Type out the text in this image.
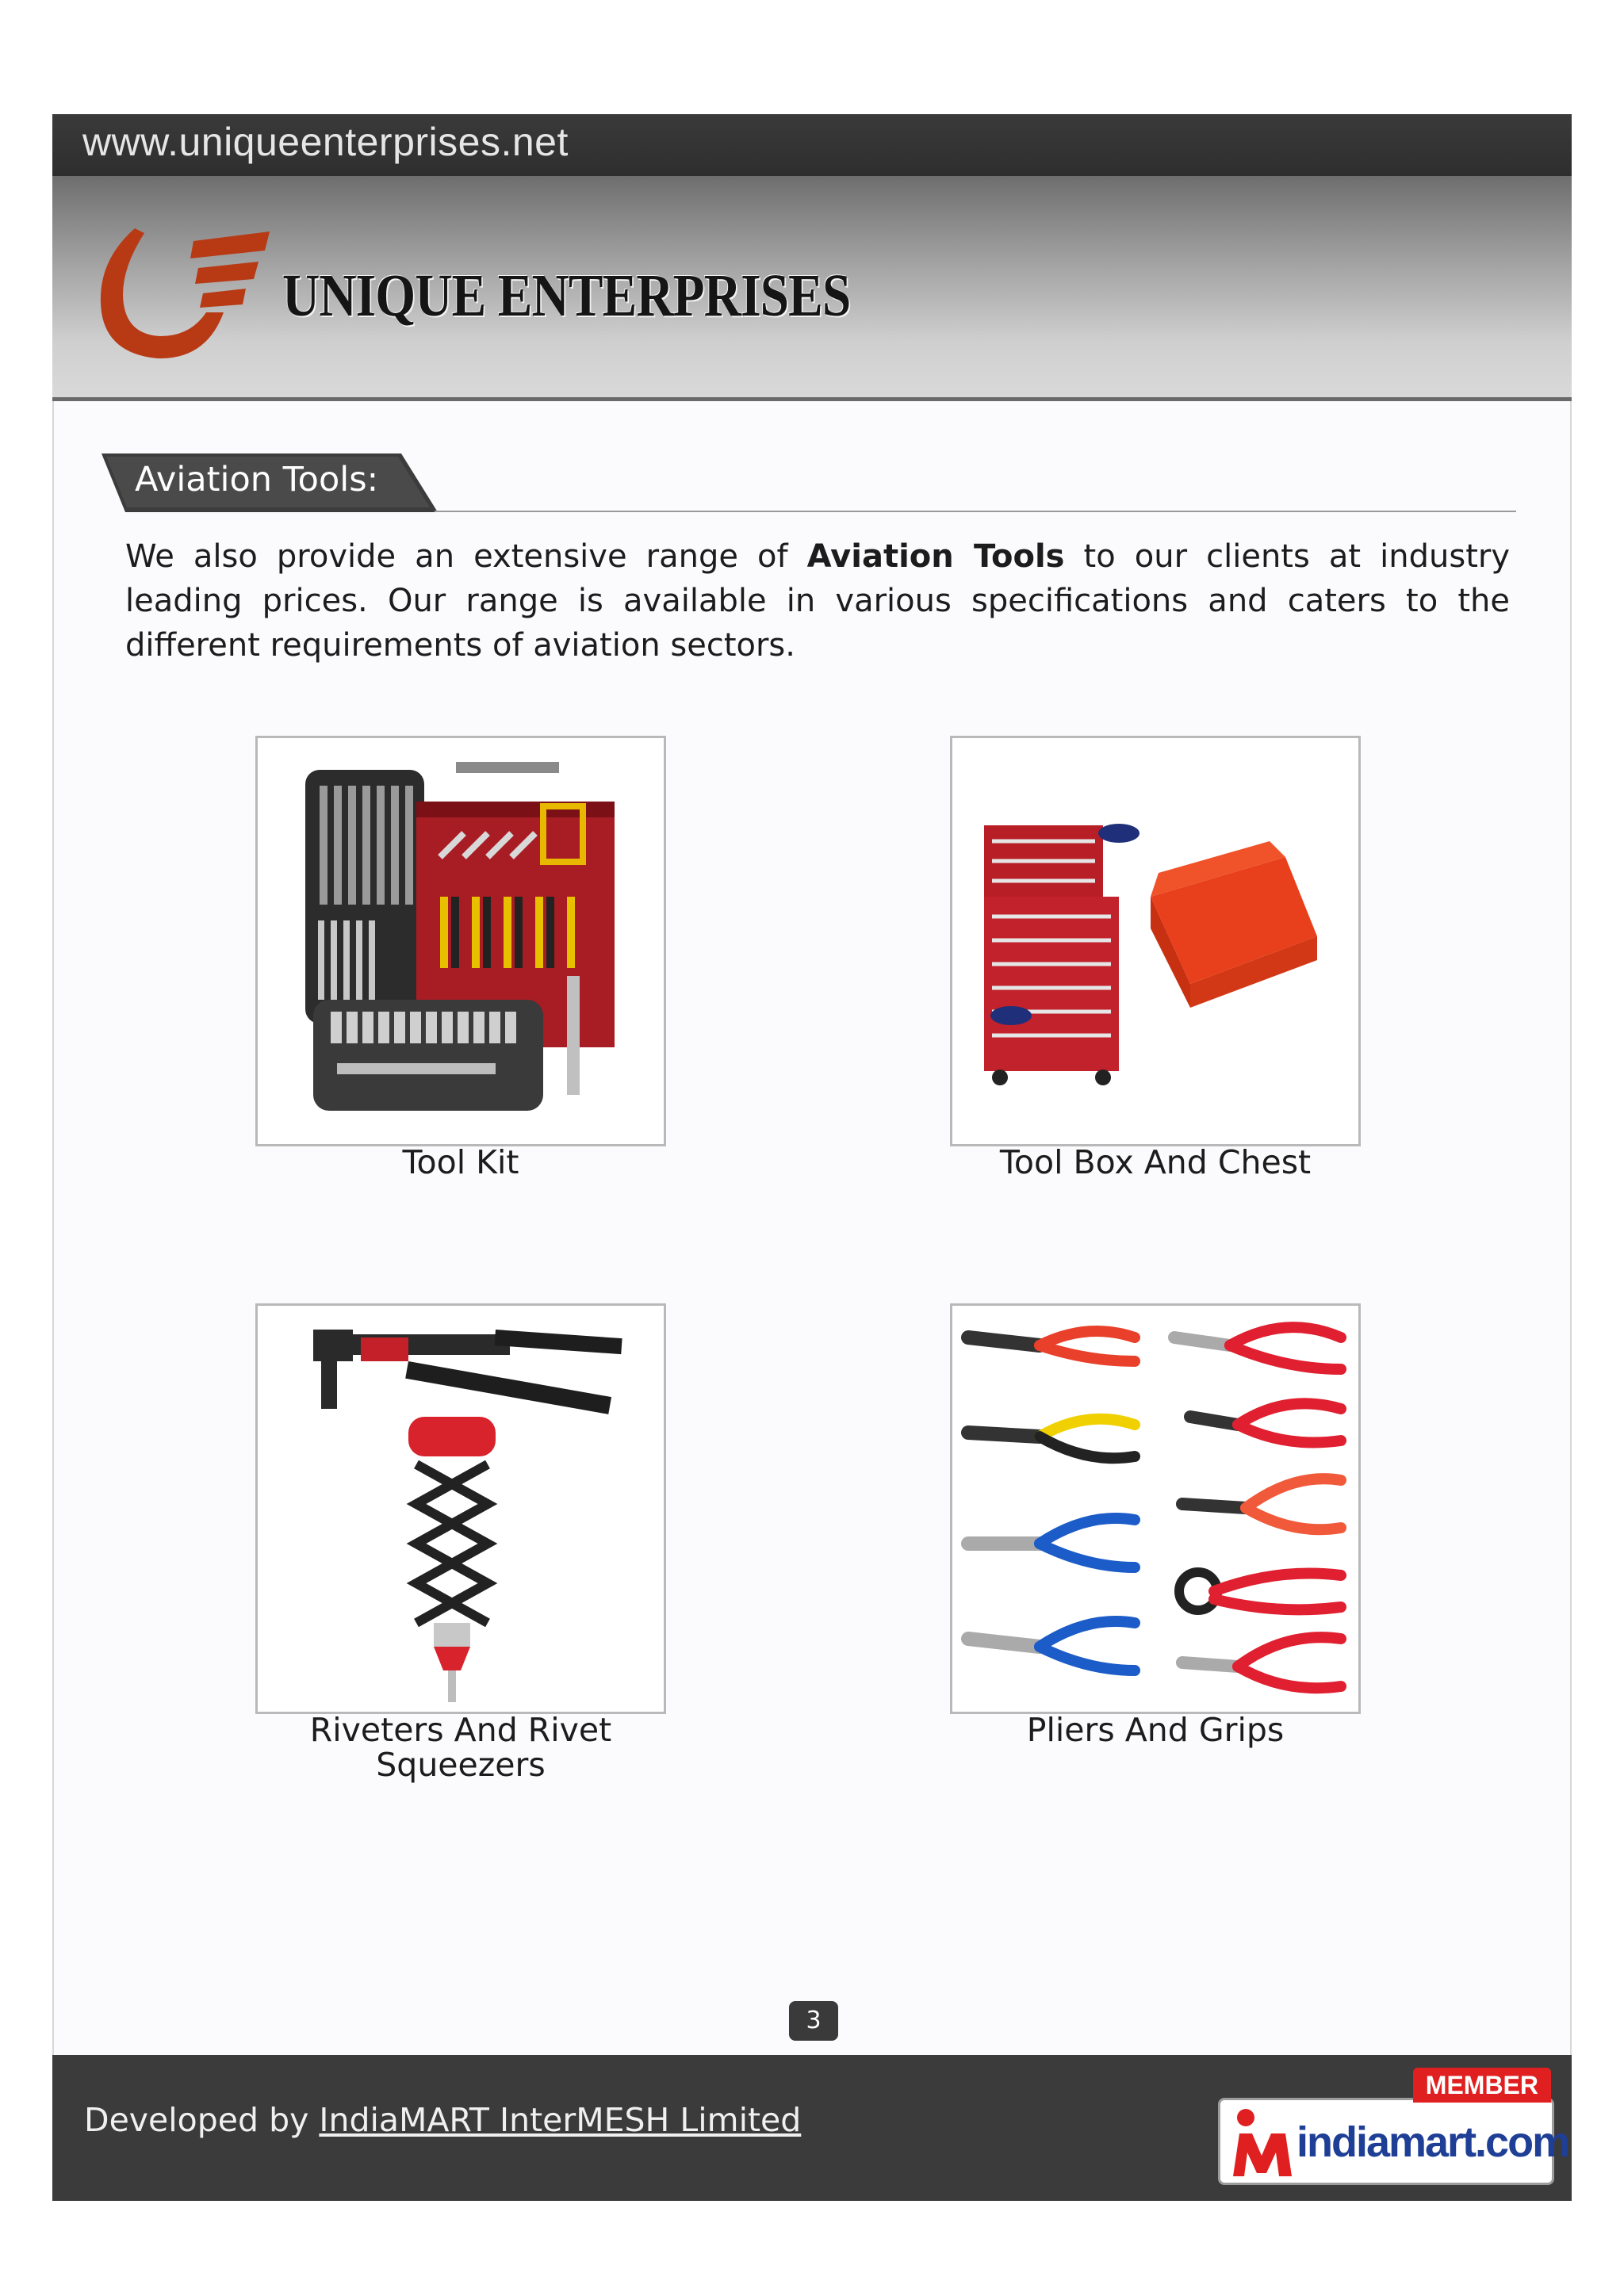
www.uniqueenterprises.net
UNIQUE ENTERPRISES
Aviation Tools:
We also provide an extensive range of Aviation Tools to our clients at industry leading prices. Our range is available in various specifications and caters to the different requirements of aviation sectors.
Tool Kit	Tool Box And Chest
Riveters And Rivet
Squeezers
Pliers And Grips
3
Developed by IndiaMART InterMESH Limited	indiamart.com
MEMBER
